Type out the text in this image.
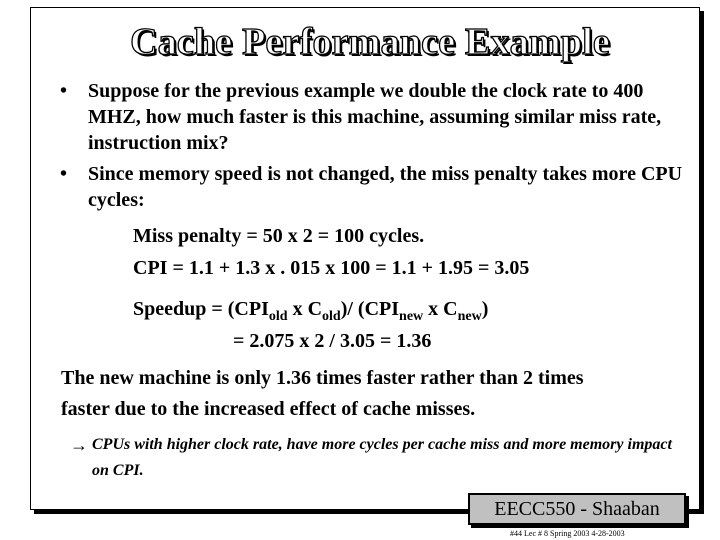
Cache Performance Example
• Suppose for the previous example we double the clock rate to 400 MHZ, how much faster is this machine, assuming similar miss rate, instruction mix?
• Since memory speed is not changed, the miss penalty takes more CPU cycles:
Miss penalty = 50 x 2 = 100 cycles.
CPI = 1.1 + 1.3 x . 015 x 100 = 1.1 + 1.95 = 3.05
Speedup = ($CPI_{old}$ x $C_{old})/$ ($CPI_{new}$ x $C_{new}$)
= 2.075 x 2 / 3.05 = 1.36
The new machine is only 1.36 times faster rather than 2 times faster due to the increased effect of cache misses.
→ CPUs with higher clock rate, have more cycles per cache miss and more memory impact on CPI.
EECC550 - Shaaban
#44 Lec # 8 Spring 2003 4-28-2003
